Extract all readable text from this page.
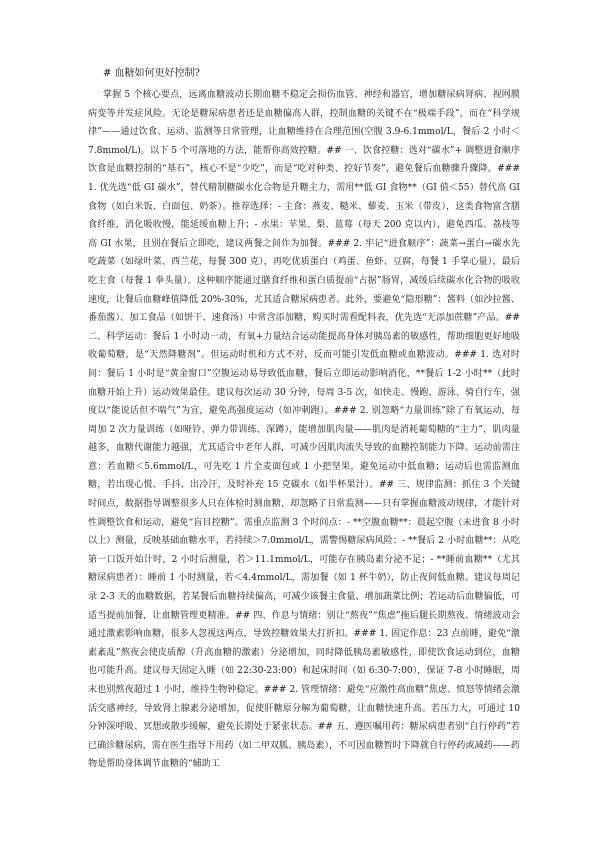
# 血糖如何更好控制?

掌握 5 个核心要点，远离血糖波动长期血糖不稳定会损伤血管、神经和器官，增加糖尿病肾病、视网膜病变等并发症风险。无论是糖尿病患者还是血糖偏高人群，控制血糖的关键不在“极端手段”，而在“科学规律”——通过饮食、运动、监测等日常管理，让血糖维持在合理范围(空腹 3.9-6.1mmol/L，餐后 2 小时＜7.8mmol/L)。以下 5 个可落地的方法，能帮你高效控糖。## 一、饮食控糖：选对“碳水”+ 调整进食顺序饮食是血糖控制的“基石”，核心不是“少吃”，而是“吃对种类、控好节奏”，避免餐后血糖骤升骤降。### 1. 优先选“低 GI 碳水”，替代精制糖碳水化合物是升糖主力，需用**低 GI 食物**（GI 值＜55）替代高 GI 食物（如白米饭、白面包、奶茶）。推荐选择：- 主食：燕麦、糙米、藜麦、玉米（带皮），这类食物富含膳食纤维，消化吸收慢，能延缓血糖上升；- 水果：苹果、梨、蓝莓（每天 200 克以内），避免西瓜、荔枝等高 GI 水果，且别在餐后立即吃，建议两餐之间作为加餐。### 2. 牢记“进食顺序”：蔬菜→蛋白→碳水先吃蔬菜（如绿叶菜、西兰花，每餐 300 克），再吃优质蛋白（鸡蛋、鱼虾、豆腐，每餐 1 手掌心量），最后吃主食（每餐 1 拳头量）。这种顺序能通过膳食纤维和蛋白质提前“占据”肠胃，减缓后续碳水化合物的吸收速度，让餐后血糖峰值降低 20%-30%，尤其适合糖尿病患者。此外，要避免“隐形糖”：酱料（如沙拉酱、番茄酱）、加工食品（如饼干、速食汤）中常含添加糖，购买时需看配料表，优先选“无添加蔗糖”产品。## 二、科学运动：餐后 1 小时动一动，有氧+力量结合运动能提高身体对胰岛素的敏感性，帮助细胞更好地吸收葡萄糖，是“天然降糖剂”。但运动时机和方式不对，反而可能引发低血糖或血糖波动。### 1. 选对时间：餐后 1 小时是“黄金窗口”空腹运动易导致低血糖，餐后立即运动影响消化，**餐后 1-2 小时**（此时血糖开始上升）运动效果最佳。建议每次运动 30 分钟，每周 3-5 次，如快走、慢跑、游泳、骑自行车，强度以“能说话但不喘气”为宜，避免高强度运动（如冲刺跑）。### 2. 别忽略“力量训练”除了有氧运动，每周加 2 次力量训练（如哑铃、弹力带训练、深蹲），能增加肌肉量——肌肉是消耗葡萄糖的“主力”，肌肉量越多，血糖代谢能力越强，尤其适合中老年人群，可减少因肌肉流失导致的血糖控制能力下降。运动前需注意：若血糖＜5.6mmol/L，可先吃 1 片全麦面包或 1 小把坚果，避免运动中低血糖；运动后也需监测血糖，若出现心慌、手抖、出冷汗，及时补充 15 克碳水（如半杯果汁）。## 三、规律监测：抓住 3 个关键时间点，数据指导调整很多人只在体检时测血糖，却忽略了日常监测——只有掌握血糖波动规律，才能针对性调整饮食和运动，避免“盲目控糖”。需重点监测 3 个时间点：- **空腹血糖**：晨起空腹（未进食 8 小时以上）测量，反映基础血糖水平，若持续＞7.0mmol/L，需警惕糖尿病风险；- **餐后 2 小时血糖**：从吃第一口饭开始计时，2 小时后测量，若＞11.1mmol/L，可能存在胰岛素分泌不足；- **睡前血糖**（尤其糖尿病患者）：睡前 1 小时测量，若＜4.4mmol/L，需加餐（如 1 杯牛奶），防止夜间低血糖。建议每周记录 2-3 天的血糖数据，若某餐后血糖持续偏高，可减少该餐主食量、增加蔬菜比例；若运动后血糖偏低，可适当提前加餐，让血糖管理更精准。## 四、作息与情绪：别让“熬夜”“焦虑”拖后腿长期熬夜、情绪波动会通过激素影响血糖，很多人忽视这两点，导致控糖效果大打折扣。### 1. 固定作息：23 点前睡，避免“激素紊乱”熬夜会使皮质醇（升高血糖的激素）分泌增加，同时降低胰岛素敏感性，即使饮食运动到位，血糖也可能升高。建议每天固定入睡（如 22:30-23:00）和起床时间（如 6:30-7:00），保证 7-8 小时睡眠，周末也别熬夜超过 1 小时，维持生物钟稳定。### 2. 管理情绪：避免“应激性高血糖”焦虑、愤怒等情绪会激活交感神经，导致肾上腺素分泌增加，促使肝糖原分解为葡萄糖，让血糖快速升高。若压力大，可通过 10 分钟深呼吸、冥想或散步缓解，避免长期处于紧张状态。## 五、遵医嘱用药：糖尿病患者别“自行停药”若已确诊糖尿病，需在医生指导下用药（如二甲双胍、胰岛素），不可因血糖暂时下降就自行停药或减药——药物是帮助身体调节血糖的“辅助工
